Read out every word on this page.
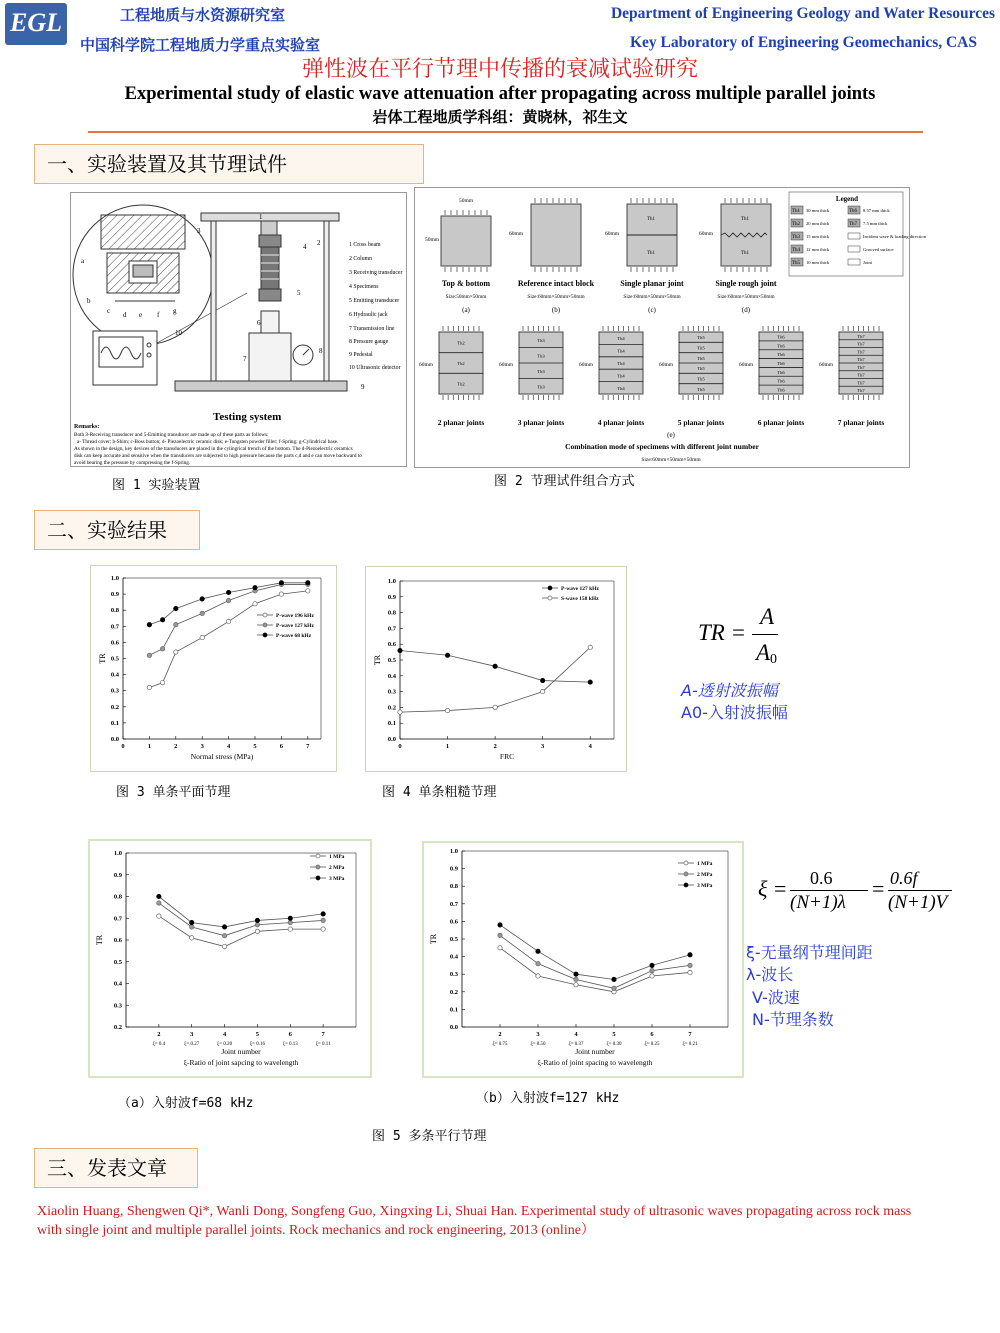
EGL	工程地质与水资源研究室
中国科学院工程地质力学重点实验室
Department of Engineering Geology and Water Resources
Key Laboratory of Engineering Geomechanics, CAS
弹性波在平行节理中传播的衰减试验研究
Experimental study of elastic wave attenuation after propagating across multiple parallel joints
岩体工程地质学科组：黄晓林，祁生文
一、实验装置及其节理试件
a
b
c d e f g
10
1
2
4
3
5
6
8
9
7
1 Cross beam
2 Column
3 Receiving transducer
4 Specimens
5 Emitting transducer
6 Hydraulic jack
7 Transmission line
8 Pressure gauge
9 Pedestal
10 Ultrasonic detector
Testing system
Remarks:
Both 3-Receiving transducer and 5-Emitting transducer are made up of these parts as follows:
a- Thread cover; b-Shim; c-Boss button; d- Piezoelectric ceramic disk; e-Tungsten powder filler; f-Spring; g-Cylindrical base.
As shown in the design, key devices of the transducers are placed in the cylingrical trench of the bottom. The d-Piezoelectric ceramics
disk can keep accurate and sensitive when the transducers are subjected to high pressure because the parts c,d and e can move backward to
avoid bearing the pressure by compressing the f-Spring.
图 1 实验装置
50mm
50mm
Top & bottom
Size:50mm×50mm
(a)
60mm
Reference intact block
Size:60mm×50mm×50mm
(b)
60mm
Th1
Th1
Single planar joint
Size:60mm×50mm×50mm
(c)
60mm
Th1
Th1
Single rough joint
Size:60mm×50mm×50mm
(d)
Legend
Th1 30 mm thick	Th6 8.57 mm thick
Th2 20 mm thick	Th7 7.5 mm thick
Th3 15 mm thick	Incident wave & loading direction
Th4 12 mm thick	Grooved surface
Th5 10 mm thick	Joint
Th2
Th2
Th2
60mm
2 planar joints
Th3
Th3
Th3
Th3
60mm
3 planar joints
Th4
Th4
Th4
Th4
Th4
60mm
4 planar joints
Th5
Th5
Th5
Th5
Th5
Th5
60mm
5 planar joints
Th6
Th6
Th6
Th6
Th6
Th6
Th6
60mm
6 planar joints
Th7
Th7
Th7
Th7
Th7
Th7
Th7
Th7
60mm
7 planar joints
(e)
Combination mode of specimens with different joint number
Size:60mm×50mm×50mm
图 2 节理试件组合方式
二、实验结果
0.0
0.1
0.2
0.3
0.4
0.5
0.6
0.7
0.8
0.9
1.0
0	1	2	3	4	5	6	7
Normal stress (MPa)
TR
P-wave 196 kHz
P-wave 127 kHz
P-wave 68 kHz
图 3 单条平面节理
0.0
0.1
0.2
0.3
0.4
0.5
0.6
0.7
0.8
0.9
1.0
0	1	2	3	4
FRC
TR
P-wave 127 kHz
S-wave 158 kHz
图 4 单条粗糙节理
TR =
A
A 0
A-透射波振幅
A0-入射波振幅
0.2
0.3
0.4
0.5
0.6
0.7
0.8
0.9
1.0
2
ξ= 0.4
3
ξ= 0.27
4
ξ= 0.20
5
ξ= 0.16
6
ξ= 0.13
7
ξ= 0.11
Joint number
ξ-Ratio of joint sapcing to wavelength
TR
1 MPa
2 MPa
3 MPa
（a）入射波f=68 kHz
0.0
0.1
0.2
0.3
0.4
0.5
0.6
0.7
0.8
0.9
1.0
2
ξ= 0.75
3
ξ= 0.50
4
ξ= 0.37
5
ξ= 0.30
6
ξ= 0.25
7
ξ= 0.21
Joint number
ξ-Ratio of joint spacing to wavelength
TR
1 MPa
2 MPa
3 MPa
（b）入射波f=127 kHz
图 5 多条平行节理
ξ = 0.6
(N+1)λ
= 0.6f
(N+1)V
ξ-无量纲节理间距
λ-波长
V-波速
N-节理条数
三、发表文章
Xiaolin Huang, Shengwen Qi*, Wanli Dong, Songfeng Guo, Xingxing Li, Shuai Han. Experimental study of ultrasonic waves propagating across rock mass with single joint and multiple parallel joints. Rock mechanics and rock engineering, 2013 (online）
